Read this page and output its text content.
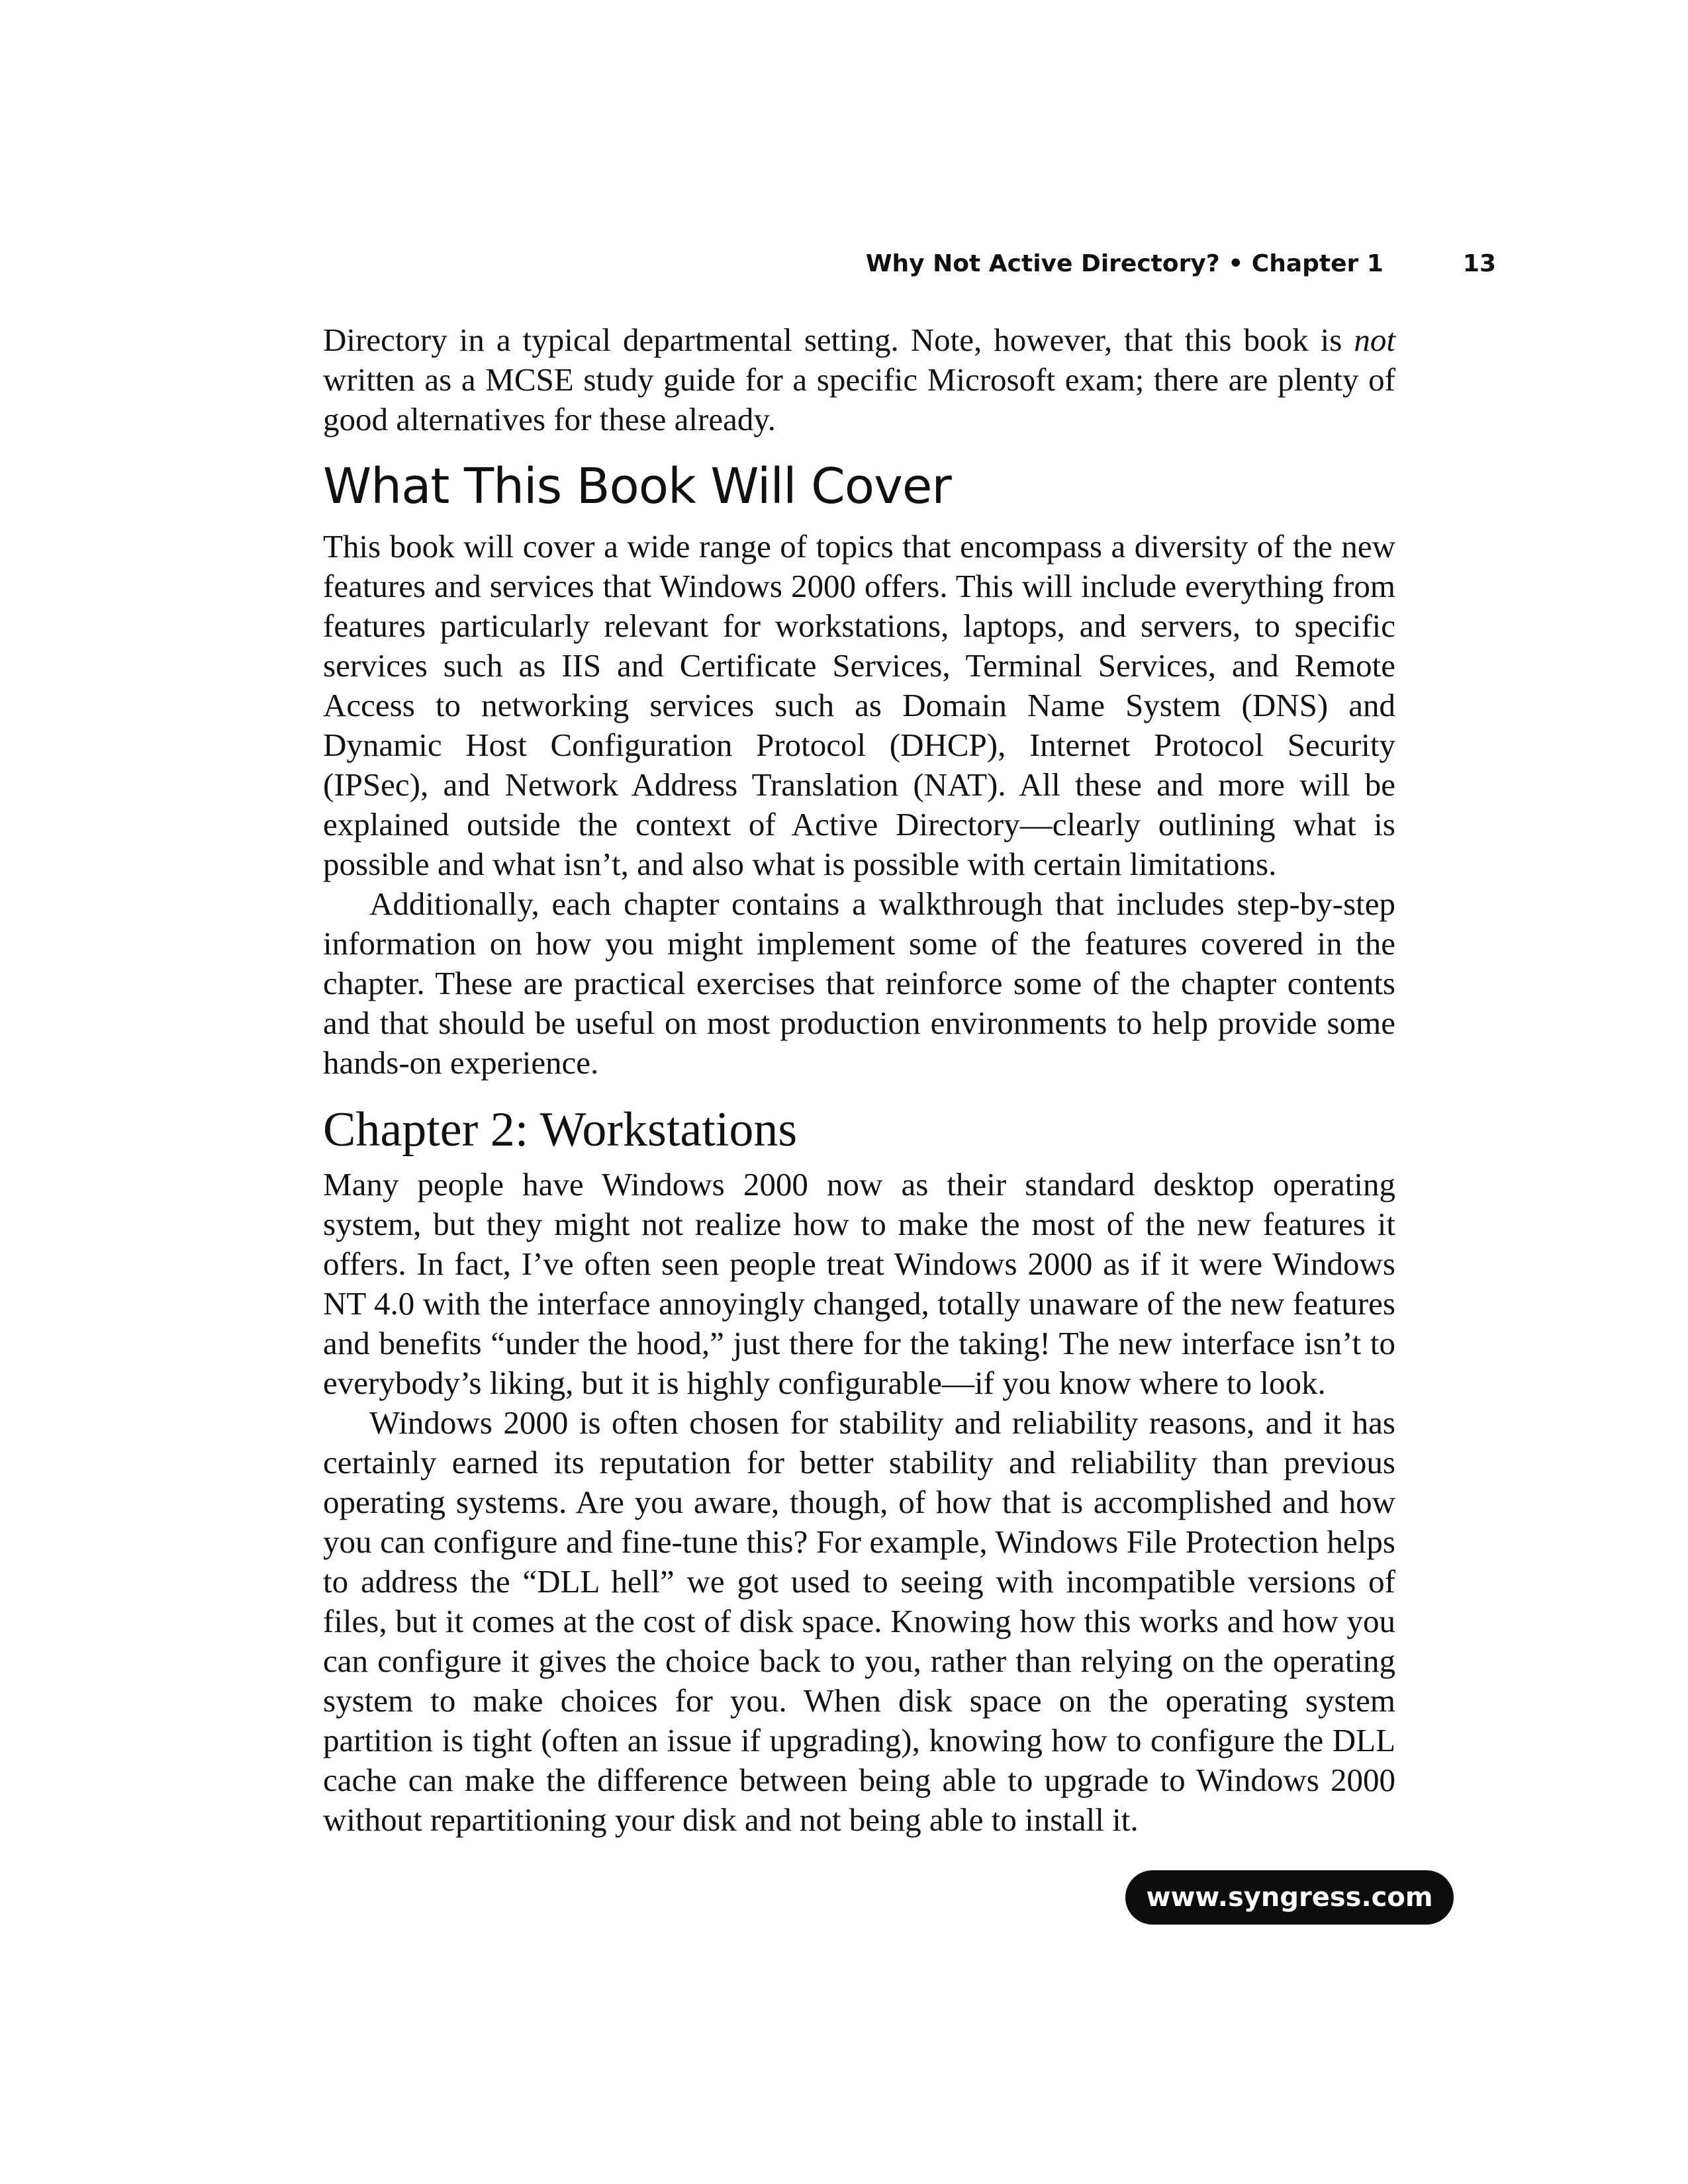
Why Not Active Directory? • Chapter 1	13

Directory in a typical departmental setting. Note, however, that this book is not written as a MCSE study guide for a specific Microsoft exam; there are plenty of good alternatives for these already.

What This Book Will Cover

This book will cover a wide range of topics that encompass a diversity of the new features and services that Windows 2000 offers. This will include everything from features particularly relevant for workstations, laptops, and servers, to specific services such as IIS and Certificate Services, Terminal Services, and Remote Access to networking services such as Domain Name System (DNS) and Dynamic Host Configuration Protocol (DHCP), Internet Protocol Security (IPSec), and Network Address Translation (NAT). All these and more will be explained outside the context of Active Directory—clearly outlining what is possible and what isn’t, and also what is possible with certain limitations.

Additionally, each chapter contains a walkthrough that includes step-by-step information on how you might implement some of the features covered in the chapter. These are practical exercises that reinforce some of the chapter contents and that should be useful on most production environments to help provide some hands-on experience.

Chapter 2: Workstations

Many people have Windows 2000 now as their standard desktop operating system, but they might not realize how to make the most of the new features it offers. In fact, I’ve often seen people treat Windows 2000 as if it were Windows NT 4.0 with the interface annoyingly changed, totally unaware of the new features and benefits “under the hood,” just there for the taking! The new interface isn’t to everybody’s liking, but it is highly configurable—if you know where to look.

Windows 2000 is often chosen for stability and reliability reasons, and it has certainly earned its reputation for better stability and reliability than previous operating systems. Are you aware, though, of how that is accomplished and how you can configure and fine-tune this? For example, Windows File Protection helps to address the “DLL hell” we got used to seeing with incompatible versions of files, but it comes at the cost of disk space. Knowing how this works and how you can configure it gives the choice back to you, rather than relying on the operating system to make choices for you. When disk space on the operating system partition is tight (often an issue if upgrading), knowing how to configure the DLL cache can make the difference between being able to upgrade to Windows 2000 without repartitioning your disk and not being able to install it.

www.syngress.com
